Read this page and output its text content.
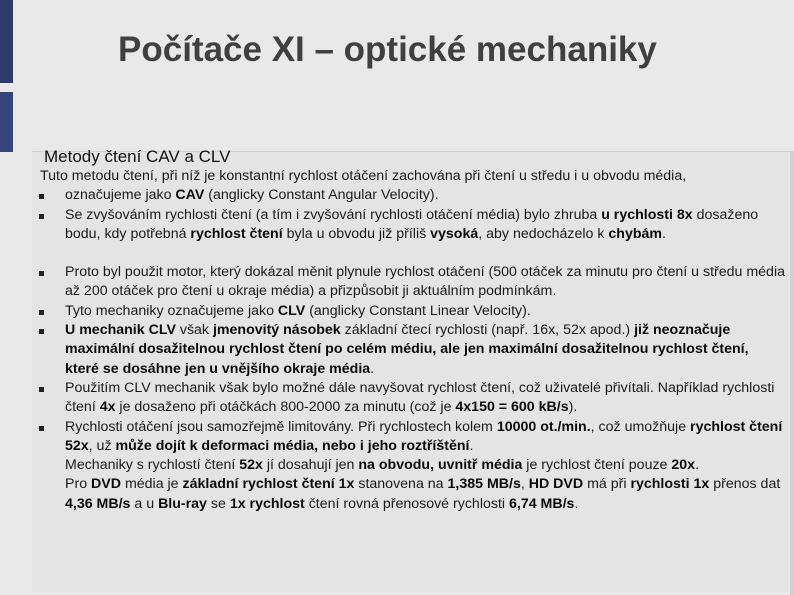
Počítače XI – optické mechaniky
Metody čtení CAV a CLV
Tuto metodu čtení, při níž je konstantní rychlost otáčení zachována při čtení u středu i u obvodu média,
označujeme jako CAV (anglicky Constant Angular Velocity).
Se zvyšováním rychlosti čtení (a tím i zvyšování rychlosti otáčení média) bylo zhruba u rychlosti 8x dosaženo bodu, kdy potřebná rychlost čtení byla u obvodu již příliš vysoká, aby nedocházelo k chybám.
Proto byl použit motor, který dokázal měnit plynule rychlost otáčení (500 otáček za minutu pro čtení u středu média až 200 otáček pro čtení u okraje média) a přizpůsobit ji aktuálním podmínkám.
Tyto mechaniky označujeme jako CLV (anglicky Constant Linear Velocity).
U mechanik CLV však jmenovitý násobek základní čtecí rychlosti (např. 16x, 52x apod.) již neoznačuje maximální dosažitelnou rychlost čtení po celém médiu, ale jen maximální dosažitelnou rychlost čtení, které se dosáhne jen u vnějšího okraje média.
Použitím CLV mechanik však bylo možné dále navyšovat rychlost čtení, což uživatelé přivítali. Například rychlosti čtení 4x je dosaženo při otáčkách 800-2000 za minutu (což je 4x150 = 600 kB/s).
Rychlosti otáčení jsou samozřejmě limitovány. Při rychlostech kolem 10000 ot./min., což umožňuje rychlost čtení 52x, už může dojít k deformaci média, nebo i jeho roztříštění.
Mechaniky s rychlostí čtení 52x jí dosahují jen na obvodu, uvnitř média je rychlost čtení pouze 20x.
Pro DVD média je základní rychlost čtení 1x stanovena na 1,385 MB/s, HD DVD má při rychlosti 1x přenos dat 4,36 MB/s a u Blu-ray se 1x rychlost čtení rovná přenosové rychlosti 6,74 MB/s.
